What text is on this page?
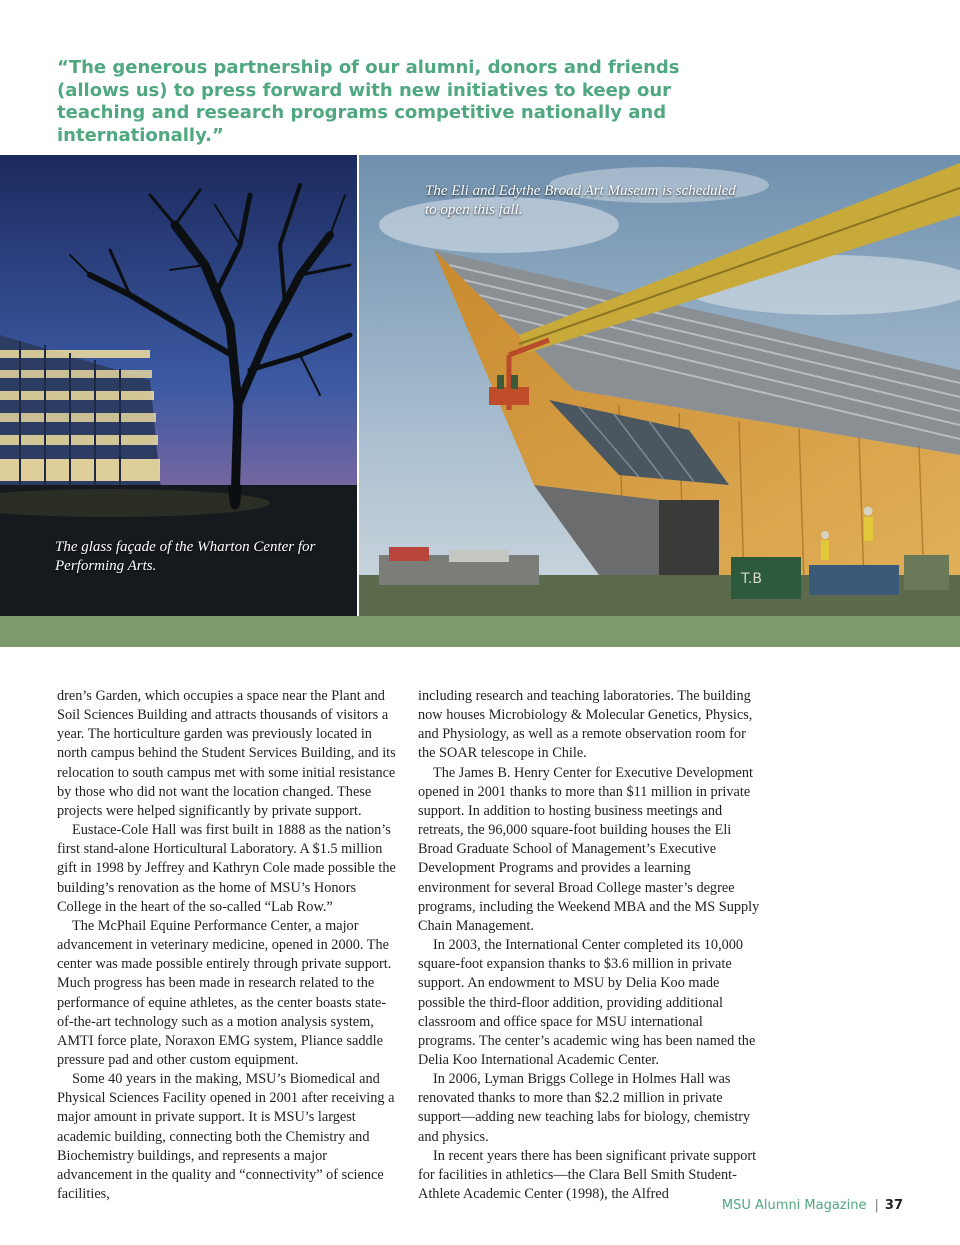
“The generous partnership of our alumni, donors and friends (allows us) to press forward with new initiatives to keep our teaching and research programs competitive nationally and internationally.”

The glass façade of the Wharton Center for Performing Arts.

T.B

The Eli and Edythe Broad Art Museum is scheduled to open this fall.

dren’s Garden, which occupies a space near the Plant and Soil Sciences Building and attracts thousands of visitors a year. The horticulture garden was previously located in north campus behind the Student Services Building, and its relocation to south campus met with some initial resistance by those who did not want the location changed. These projects were helped significantly by private support.

Eustace-Cole Hall was first built in 1888 as the nation’s first stand-alone Horticultural Laboratory. A $1.5 million gift in 1998 by Jeffrey and Kathryn Cole made possible the building’s renovation as the home of MSU’s Honors College in the heart of the so-called “Lab Row.”

The McPhail Equine Performance Center, a major advancement in veterinary medicine, opened in 2000. The center was made possible entirely through private support. Much progress has been made in research related to the performance of equine athletes, as the center boasts state-of-the-art technology such as a motion analysis system, AMTI force plate, Noraxon EMG system, Pliance saddle pressure pad and other custom equipment.

Some 40 years in the making, MSU’s Biomedical and Physical Sciences Facility opened in 2001 after receiving a major amount in private support. It is MSU’s largest academic building, connecting both the Chemistry and Biochemistry buildings, and represents a major advancement in the quality and “connectivity” of science facilities,

including research and teaching laboratories. The building now houses Microbiology & Molecular Genetics, Physics, and Physiology, as well as a remote observation room for the SOAR telescope in Chile.

The James B. Henry Center for Executive Development opened in 2001 thanks to more than $11 million in private support. In addition to hosting business meetings and retreats, the 96,000 square-foot building houses the Eli Broad Graduate School of Management’s Executive Development Programs and provides a learning environment for several Broad College master’s degree programs, including the Weekend MBA and the MS Supply Chain Management.

In 2003, the International Center completed its 10,000 square-foot expansion thanks to $3.6 million in private support. An endowment to MSU by Delia Koo made possible the third-floor addition, providing additional classroom and office space for MSU international programs. The center’s academic wing has been named the Delia Koo International Academic Center.

In 2006, Lyman Briggs College in Holmes Hall was renovated thanks to more than $2.2 million in private support—adding new teaching labs for biology, chemistry and physics.

In recent years there has been significant private support for facilities in athletics—the Clara Bell Smith Student-Athlete Academic Center (1998), the Alfred

MSU Alumni Magazine | 37
